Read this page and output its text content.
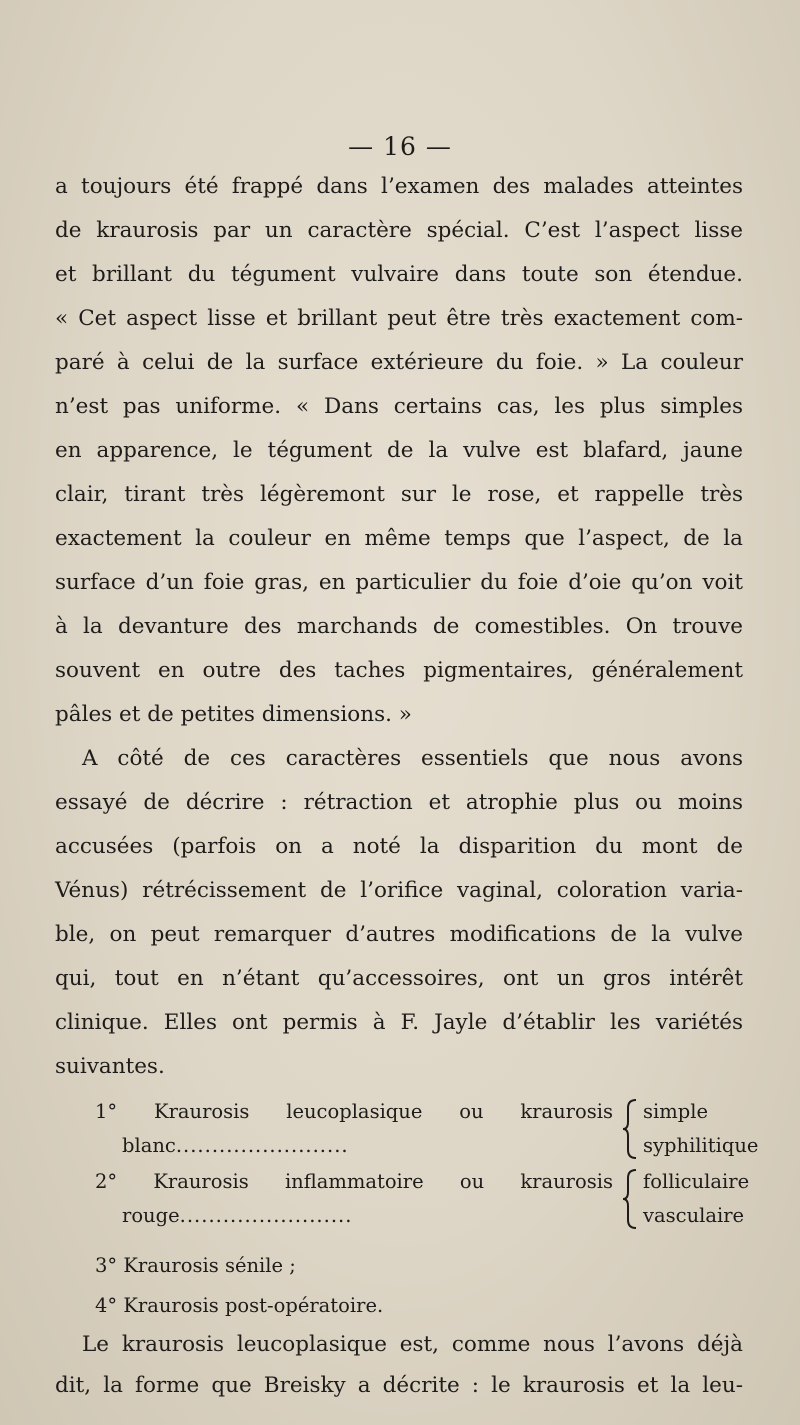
— 16 —
a toujours été frappé dans l’examen des malades atteintes
de kraurosis par un caractère spécial. C’est l’aspect lisse
et brillant du tégument vulvaire dans toute son étendue.
« Cet aspect lisse et brillant peut être très exactement com-
paré à celui de la surface extérieure du foie. » La couleur
n’est pas uniforme. « Dans certains cas, les plus simples
en apparence, le tégument de la vulve est blafard, jaune
clair, tirant très légèremont sur le rose, et rappelle très
exactement la couleur en même temps que l’aspect, de la
surface d’un foie gras, en particulier du foie d’oie qu’on voit
à la devanture des marchands de comestibles. On trouve
souvent en outre des taches pigmentaires, généralement
pâles et de petites dimensions. »
A côté de ces caractères essentiels que nous avons
essayé de décrire : rétraction et atrophie plus ou moins
accusées (parfois on a noté la disparition du mont de
Vénus) rétrécissement de l’orifice vaginal, coloration varia-
ble, on peut remarquer d’autres modifications de la vulve
qui, tout en n’étant qu’accessoires, ont un gros intérêt
clinique. Elles ont permis à F. Jayle d’établir les variétés
suivantes.
1° Kraurosis leucoplasique ou kraurosis
blanc........................
simple
syphilitique
2° Kraurosis inflammatoire ou kraurosis
rouge........................
folliculaire
vasculaire
3° Kraurosis sénile ;
4° Kraurosis post-opératoire.
Le kraurosis leucoplasique est, comme nous l’avons déjà
dit, la forme que Breisky a décrite : le kraurosis et la leu-
